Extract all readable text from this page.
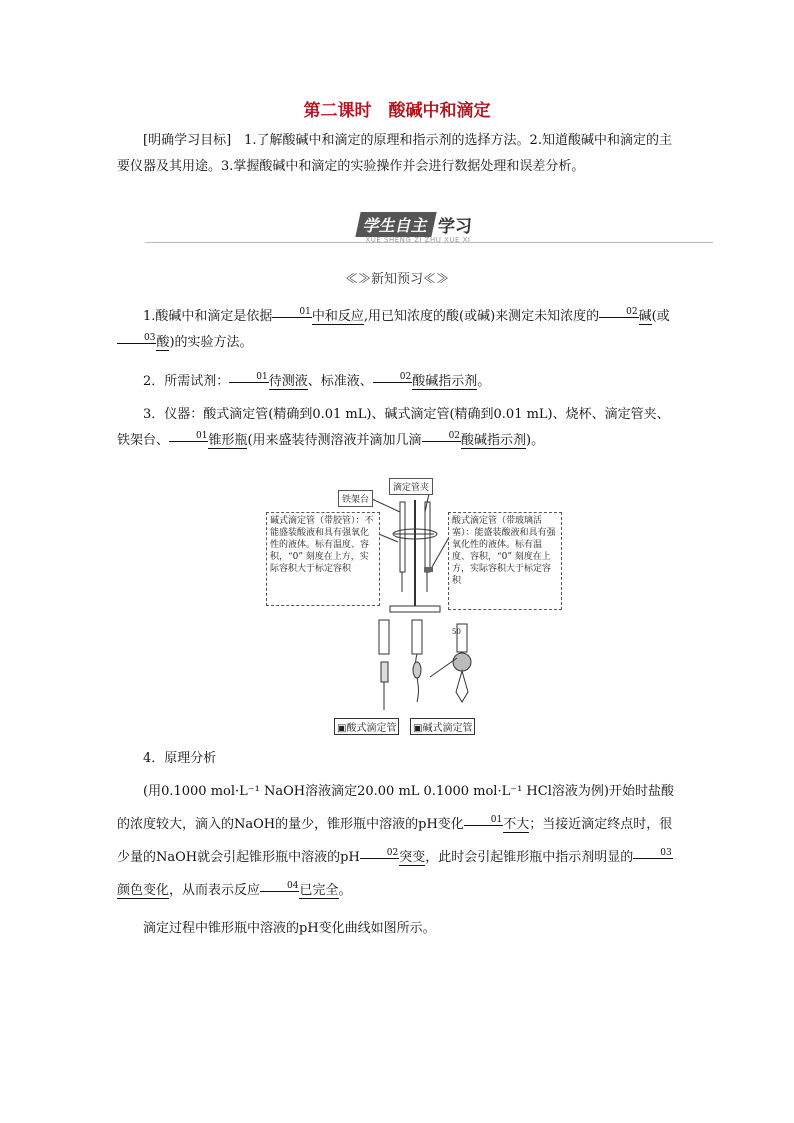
第二课时　酸碱中和滴定
[明确学习目标]　1.了解酸碱中和滴定的原理和指示剂的选择方法。2.知道酸碱中和滴定的主要仪器及其用途。3.掌握酸碱中和滴定的实验操作并会进行数据处理和误差分析。
学生自主 学习
XUE SHENG ZI ZHU XUE XI
≪≫新知预习≪≫
1.酸碱中和滴定是依据	01中和反应,用已知浓度的酸(或碱)来测定未知浓度的	02碱(或03酸)的实验方法。
2．所需试剂：	01待测液、标准液、	02酸碱指示剂。
3．仪器：酸式滴定管(精确到0.01 mL)、碱式滴定管(精确到0.01 mL)、烧杯、滴定管夹、铁架台、	01锥形瓶(用来盛装待测溶液并滴加几滴	02酸碱指示剂)。
50
铁架台
滴定管夹
碱式滴定管（带胶管）：不能盛装酸液和具有强氧化性的液体。标有温度、容积，“0” 刻度在上方，实际容积大于标定容积
酸式滴定管（带玻璃活塞）：能盛装酸液和具有强氧化性的液体。标有温度、容积，“0” 刻度在上方，实际容积大于标定容积
▣酸式滴定管	▣碱式滴定管
4．原理分析
(用0.1000 mol·L⁻¹ NaOH溶液滴定20.00 mL 0.1000 mol·L⁻¹ HCl溶液为例)开始时盐酸的浓度较大，滴入的NaOH的量少，锥形瓶中溶液的pH变化	01不大；当接近滴定终点时，很少量的NaOH就会引起锥形瓶中溶液的pH	02突变，此时会引起锥形瓶中指示剂明显的	03颜色变化，从而表示反应	04已完全。
滴定过程中锥形瓶中溶液的pH变化曲线如图所示。
